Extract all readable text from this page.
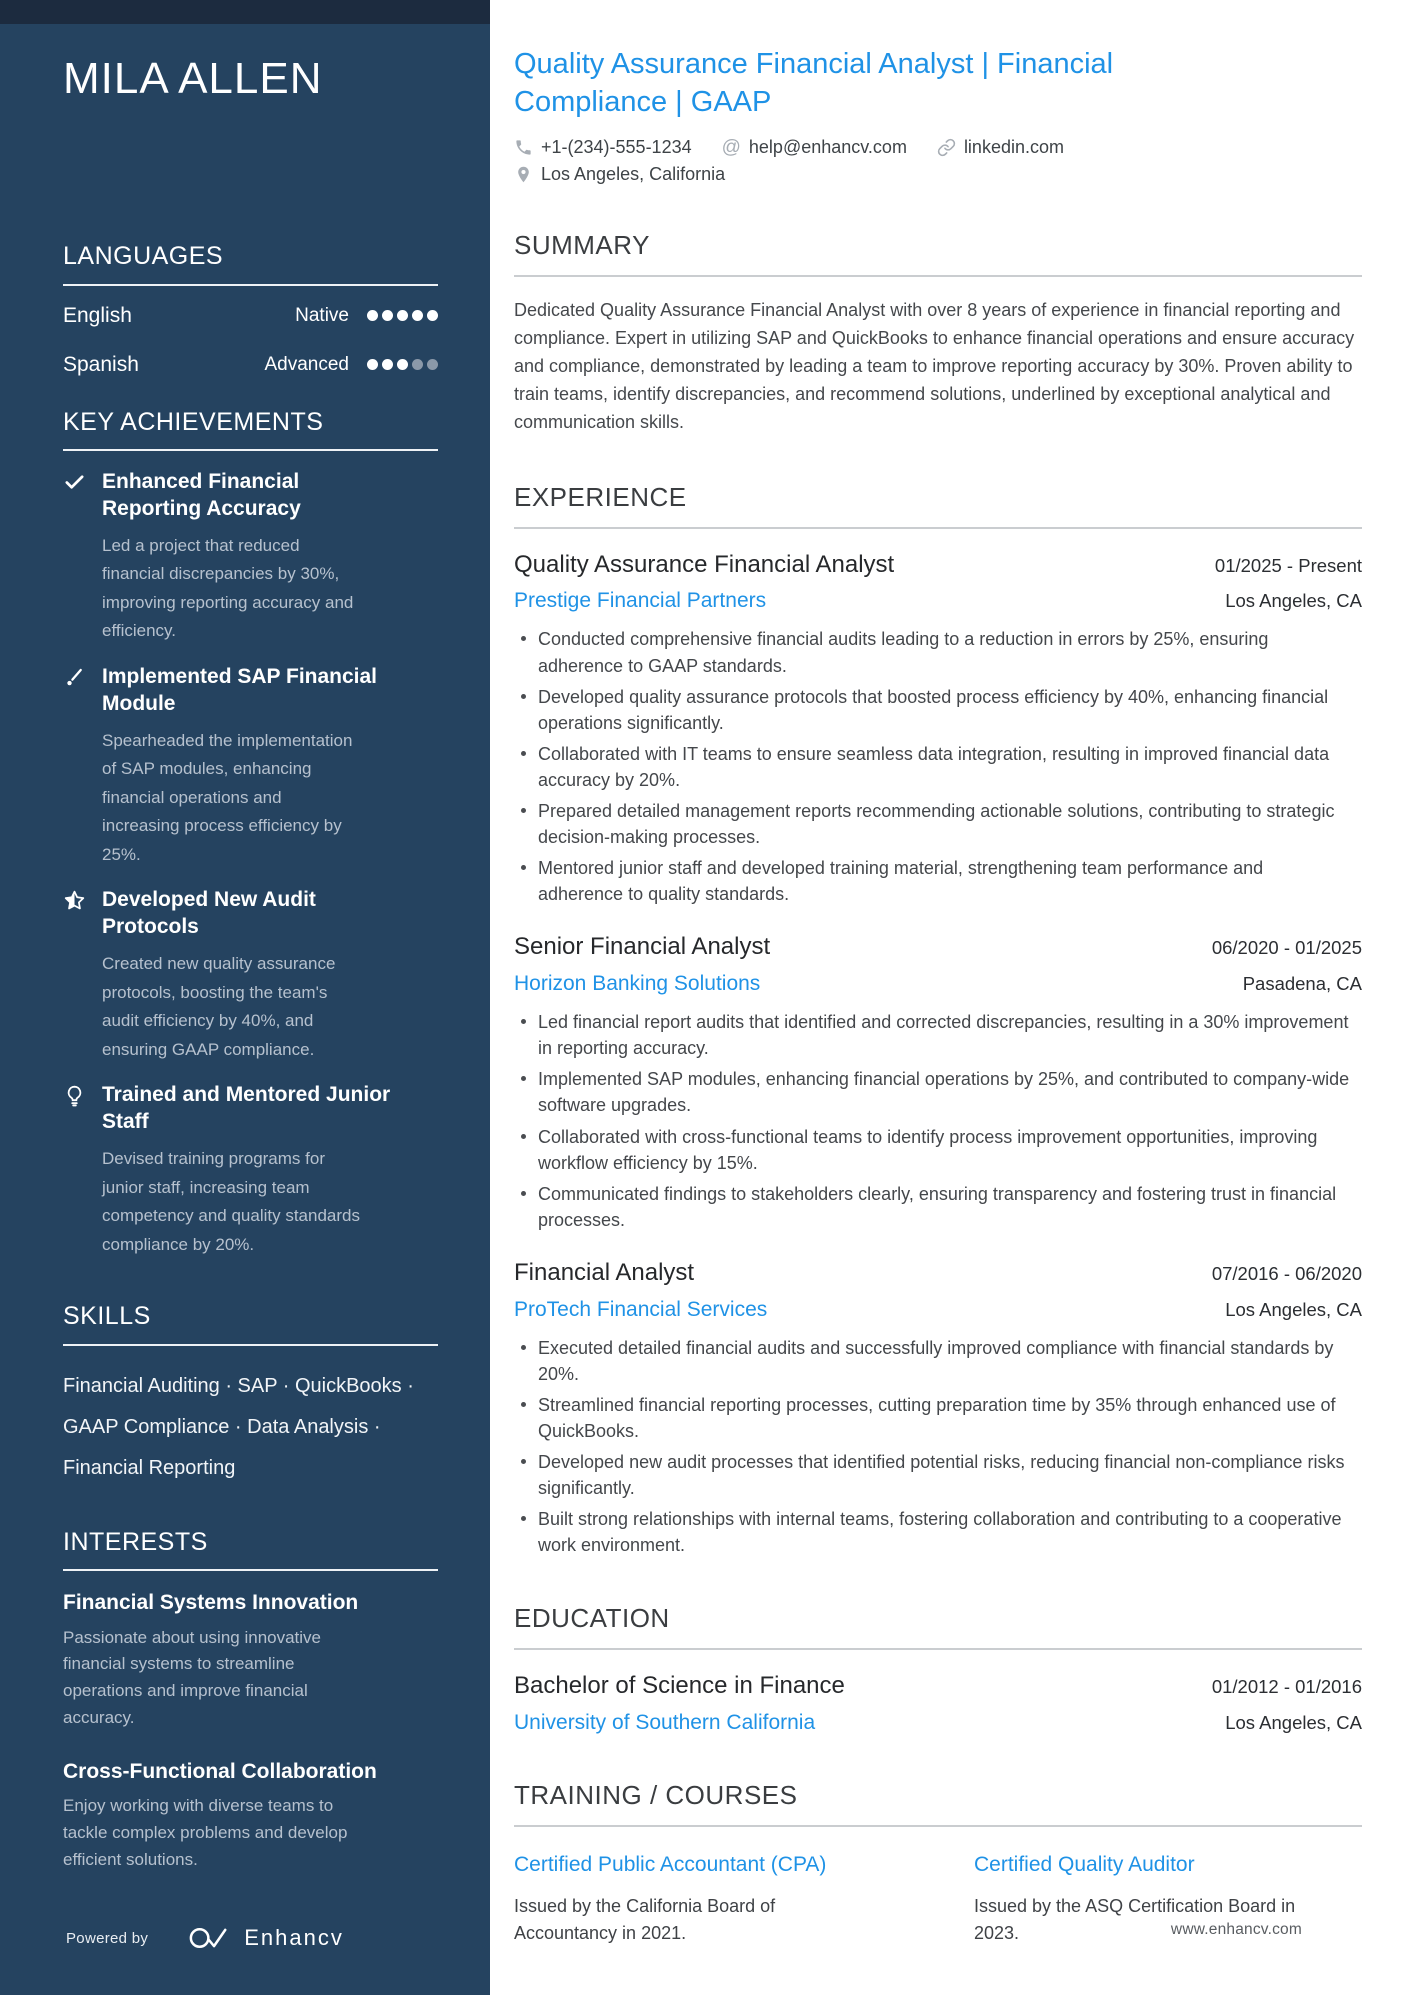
MILA ALLEN
LANGUAGES
English	Native
Spanish	Advanced
KEY ACHIEVEMENTS
Enhanced Financial Reporting Accuracy
Led a project that reduced financial discrepancies by 30%, improving reporting accuracy and efficiency.
Implemented SAP Financial Module
Spearheaded the implementation of SAP modules, enhancing financial operations and increasing process efficiency by 25%.
Developed New Audit Protocols
Created new quality assurance protocols, boosting the team's audit efficiency by 40%, and ensuring GAAP compliance.
Trained and Mentored Junior Staff
Devised training programs for junior staff, increasing team competency and quality standards compliance by 20%.
SKILLS
Financial Auditing · SAP · QuickBooks · GAAP Compliance · Data Analysis · Financial Reporting
INTERESTS
Financial Systems Innovation
Passionate about using innovative financial systems to streamline operations and improve financial accuracy.
Cross-Functional Collaboration
Enjoy working with diverse teams to tackle complex problems and develop efficient solutions.
Powered by	Enhancv
Quality Assurance Financial Analyst | Financial Compliance | GAAP
+1-(234)-555-1234 @ help@enhancv.com	linkedin.com
Los Angeles, California
SUMMARY

Dedicated Quality Assurance Financial Analyst with over 8 years of experience in financial reporting and compliance. Expert in utilizing SAP and QuickBooks to enhance financial operations and ensure accuracy and compliance, demonstrated by leading a team to improve reporting accuracy by 30%. Proven ability to train teams, identify discrepancies, and recommend solutions, underlined by exceptional analytical and communication skills.

EXPERIENCE
Quality Assurance Financial Analyst	01/2025 - Present
Prestige Financial Partners	Los Angeles, CA
Conducted comprehensive financial audits leading to a reduction in errors by 25%, ensuring adherence to GAAP standards.
Developed quality assurance protocols that boosted process efficiency by 40%, enhancing financial operations significantly.
Collaborated with IT teams to ensure seamless data integration, resulting in improved financial data accuracy by 20%.
Prepared detailed management reports recommending actionable solutions, contributing to strategic decision-making processes.
Mentored junior staff and developed training material, strengthening team performance and adherence to quality standards.
Senior Financial Analyst	06/2020 - 01/2025
Horizon Banking Solutions	Pasadena, CA
Led financial report audits that identified and corrected discrepancies, resulting in a 30% improvement in reporting accuracy.
Implemented SAP modules, enhancing financial operations by 25%, and contributed to company-wide software upgrades.
Collaborated with cross-functional teams to identify process improvement opportunities, improving workflow efficiency by 15%.
Communicated findings to stakeholders clearly, ensuring transparency and fostering trust in financial processes.
Financial Analyst	07/2016 - 06/2020
ProTech Financial Services	Los Angeles, CA
Executed detailed financial audits and successfully improved compliance with financial standards by 20%.
Streamlined financial reporting processes, cutting preparation time by 35% through enhanced use of QuickBooks.
Developed new audit processes that identified potential risks, reducing financial non-compliance risks significantly.
Built strong relationships with internal teams, fostering collaboration and contributing to a cooperative work environment.
EDUCATION
Bachelor of Science in Finance	01/2012 - 01/2016
University of Southern California	Los Angeles, CA
TRAINING / COURSES
Certified Public Accountant (CPA)
Issued by the California Board of Accountancy in 2021.
Certified Quality Auditor
Issued by the ASQ Certification Board in 2023.	www.enhancv.com
